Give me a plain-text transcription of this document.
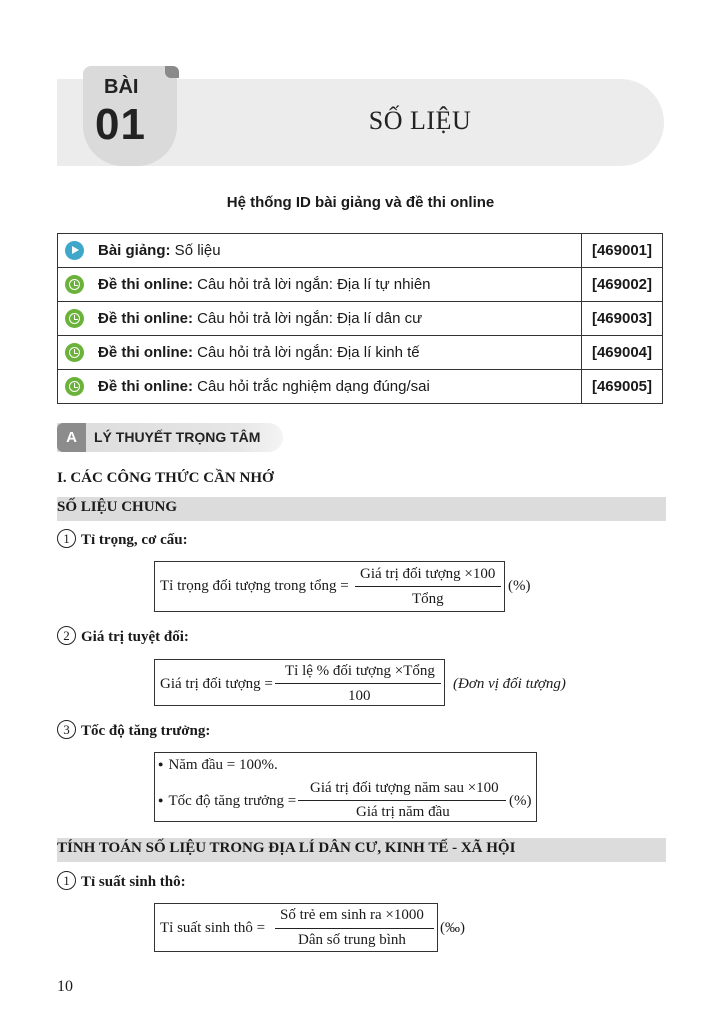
BÀI
01	SỐ LIỆU
Hệ thống ID bài giảng và đề thi online
	Bài giảng: Số liệu	[469001]
	Đề thi online: Câu hỏi trả lời ngắn: Địa lí tự nhiên	[469002]
	Đề thi online: Câu hỏi trả lời ngắn: Địa lí dân cư	[469003]
	Đề thi online: Câu hỏi trả lời ngắn: Địa lí kinh tế	[469004]
	Đề thi online: Câu hỏi trắc nghiệm dạng đúng/sai	[469005]
A	LÝ THUYẾT TRỌNG TÂM
I. CÁC CÔNG THỨC CẦN NHỚ
SỐ LIỆU CHUNG
1 Tỉ trọng, cơ cấu:
Tỉ trọng đối tượng trong tổng =
Giá trị đối tượng ×100
Tổng
(%)
2 Giá trị tuyệt đối:
Giá trị đối tượng =
Tỉ lệ % đối tượng ×Tổng
100
(Đơn vị đối tượng)
3 Tốc độ tăng trưởng:
● Năm đầu = 100%.
● Tốc độ tăng trưởng =
Giá trị đối tượng năm sau ×100
Giá trị năm đầu
(%)
TÍNH TOÁN SỐ LIỆU TRONG ĐỊA LÍ DÂN CƯ, KINH TẾ - XÃ HỘI
1 Tỉ suất sinh thô:
Tỉ suất sinh thô =
Số trẻ em sinh ra ×1000
Dân số trung bình
(‰)
10
